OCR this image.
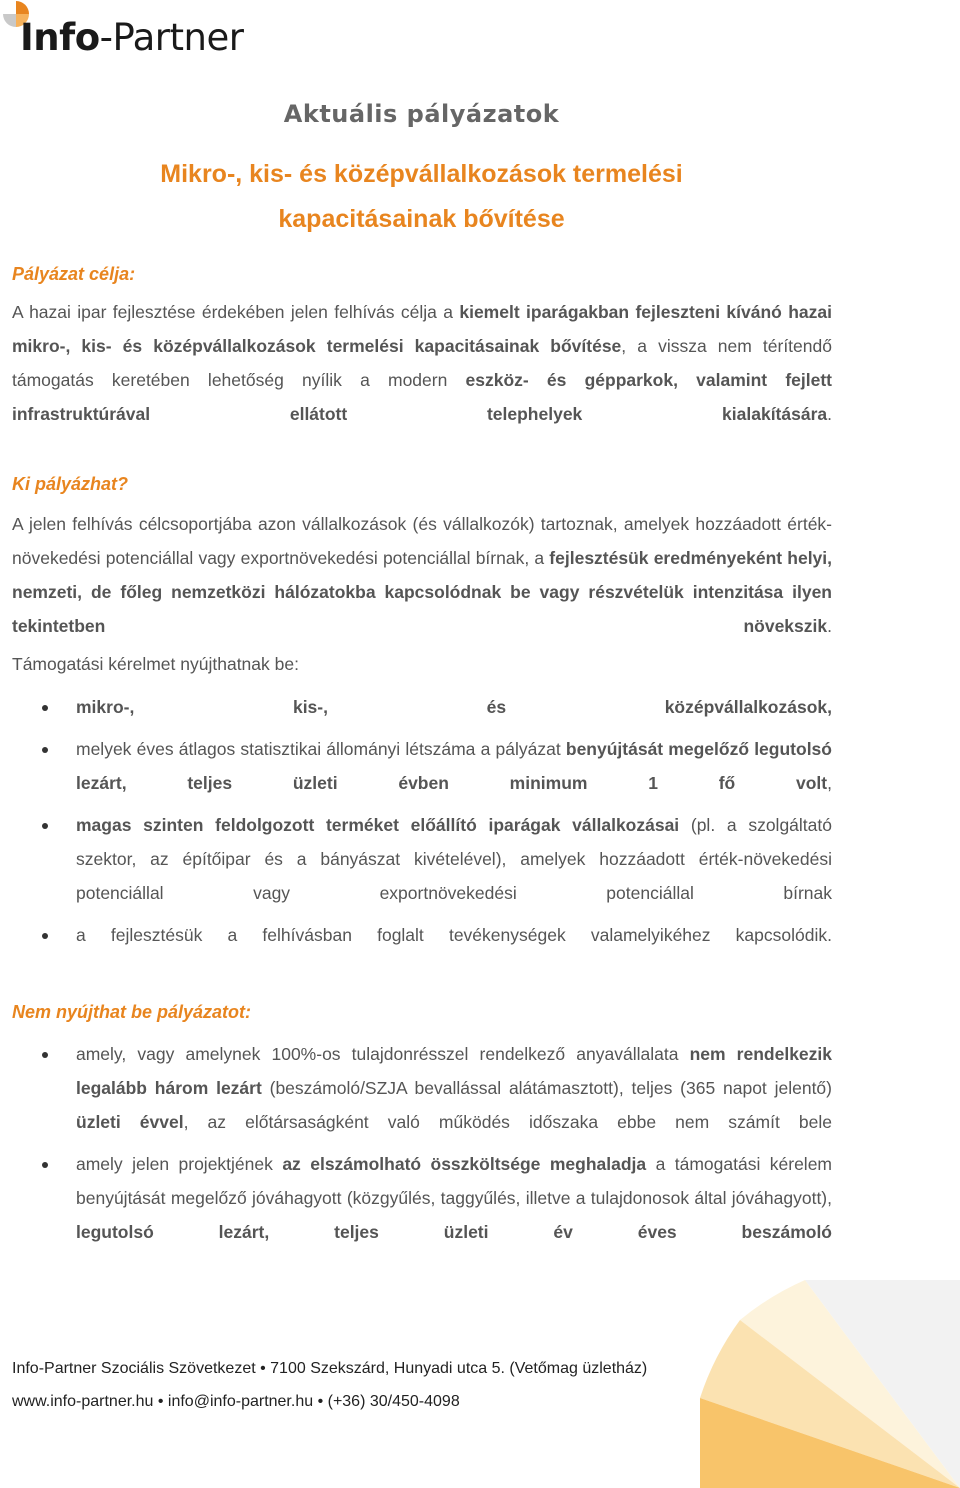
Info-Partner
Aktuális pályázatok
Mikro-, kis- és középvállalkozások termelési
kapacitásainak bővítése
Pályázat célja:
A hazai ipar fejlesztése érdekében jelen felhívás célja a kiemelt iparágakban fejleszteni kívánó hazai mikro-, kis- és középvállalkozások termelési kapacitásainak bővítése, a vissza nem térítendő támogatás keretében lehetőség nyílik a modern eszköz- és gépparkok, valamint fejlett infrastruktúrával ellátott telephelyek kialakítására.
Ki pályázhat?
A jelen felhívás célcsoportjába azon vállalkozások (és vállalkozók) tartoznak, amelyek hozzáadott érték-növekedési potenciállal vagy exportnövekedési potenciállal bírnak, a fejlesztésük eredményeként helyi, nemzeti, de főleg nemzetközi hálózatokba kapcsolódnak be vagy részvételük intenzitása ilyen tekintetben növekszik.
Támogatási kérelmet nyújthatnak be:
mikro-, kis-, és középvállalkozások,
melyek éves átlagos statisztikai állományi létszáma a pályázat benyújtását megelőző legutolsó lezárt, teljes üzleti évben minimum 1 fő volt,
magas szinten feldolgozott terméket előállító iparágak vállalkozásai (pl. a szolgáltató szektor, az építőipar és a bányászat kivételével), amelyek hozzáadott érték-növekedési potenciállal vagy exportnövekedési potenciállal bírnak
a fejlesztésük a felhívásban foglalt tevékenységek valamelyikéhez kapcsolódik.
Nem nyújthat be pályázatot:
amely, vagy amelynek 100%-os tulajdonrésszel rendelkező anyavállalata nem rendelkezik legalább három lezárt (beszámoló/SZJA bevallással alátámasztott), teljes (365 napot jelentő) üzleti évvel, az előtársaságként való működés időszaka ebbe nem számít bele
amely jelen projektjének az elszámolható összköltsége meghaladja a támogatási kérelem benyújtását megelőző jóváhagyott (közgyűlés, taggyűlés, illetve a tulajdonosok által jóváhagyott), legutolsó lezárt, teljes üzleti év éves beszámoló
Info-Partner Szociális Szövetkezet • 7100 Szekszárd, Hunyadi utca 5. (Vetőmag üzletház)
www.info-partner.hu • info@info-partner.hu • (+36) 30/450-4098
